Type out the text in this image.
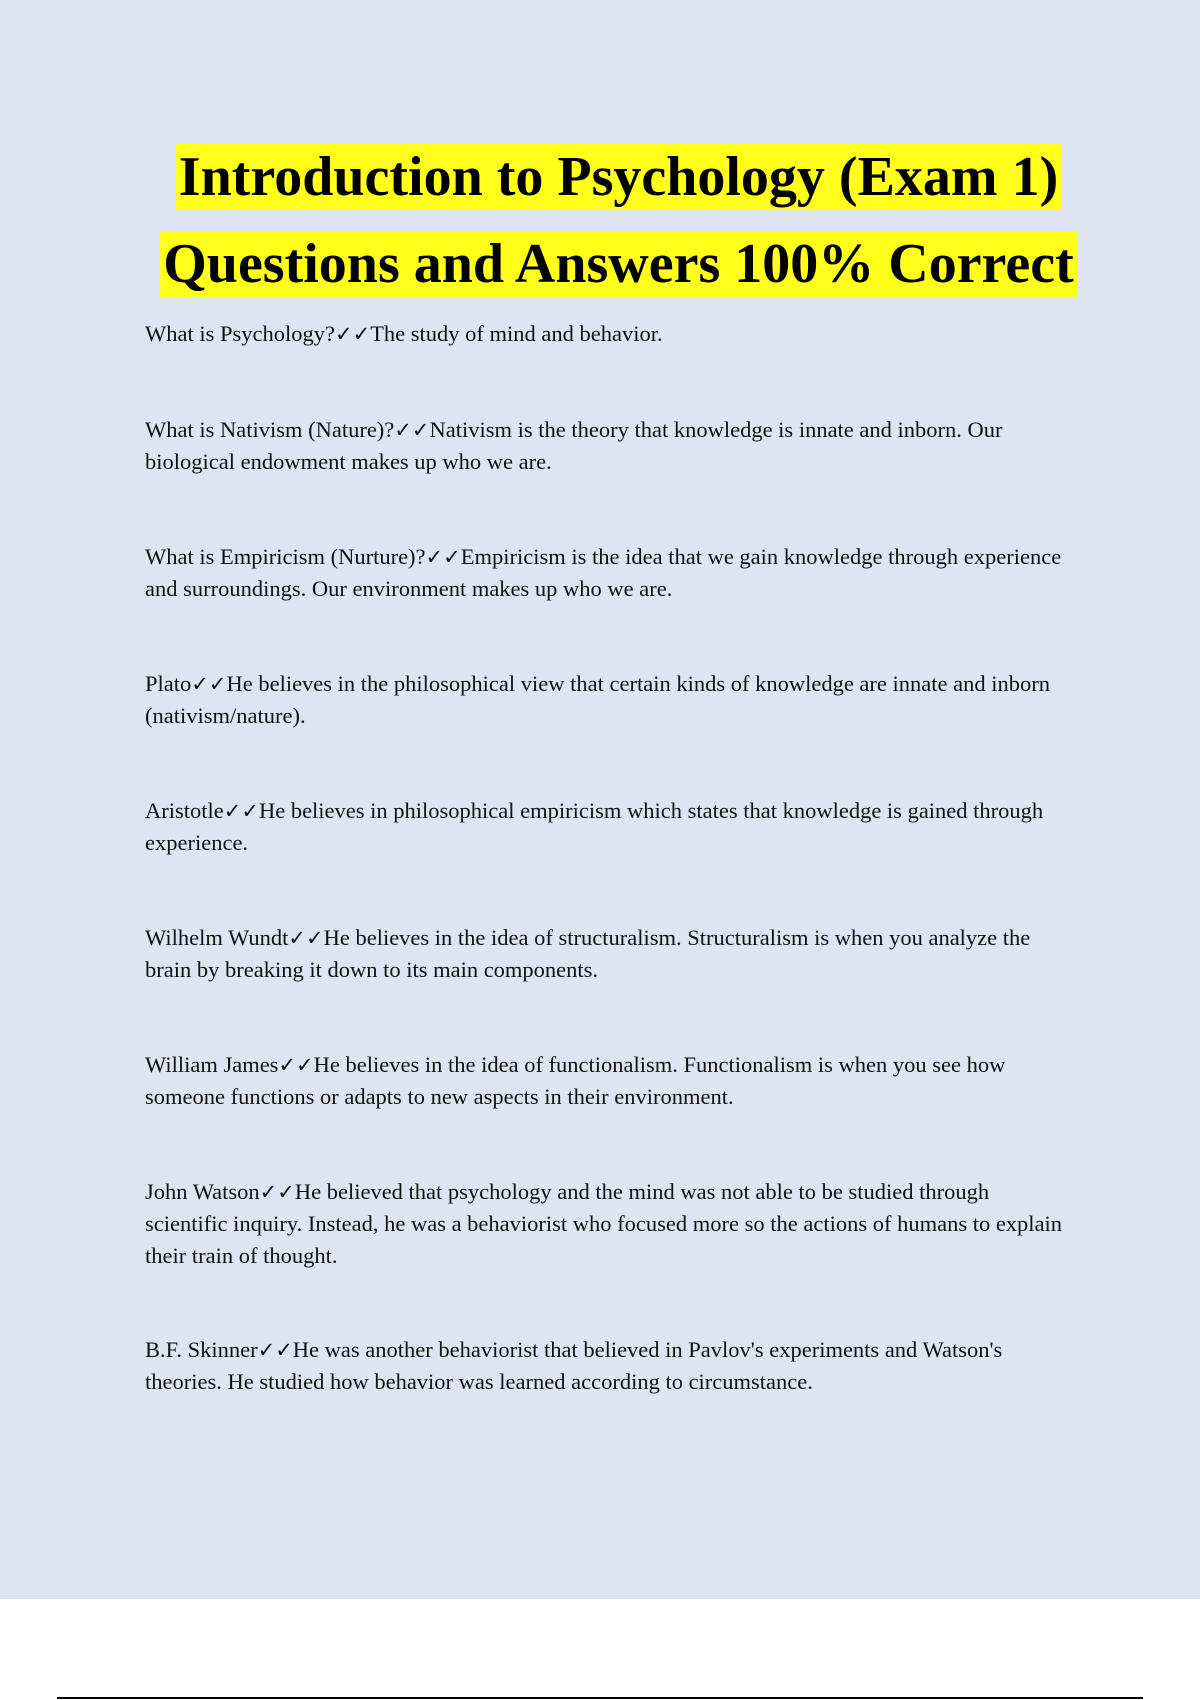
Introduction to Psychology (Exam 1)
Questions and Answers 100% Correct

What is Psychology?✓✓The study of mind and behavior.

What is Nativism (Nature)?✓✓Nativism is the theory that knowledge is innate and inborn. Our biological endowment makes up who we are.

What is Empiricism (Nurture)?✓✓Empiricism is the idea that we gain knowledge through experience and surroundings. Our environment makes up who we are.

Plato✓✓He believes in the philosophical view that certain kinds of knowledge are innate and inborn (nativism/nature).

Aristotle✓✓He believes in philosophical empiricism which states that knowledge is gained through experience.

Wilhelm Wundt✓✓He believes in the idea of structuralism. Structuralism is when you analyze the brain by breaking it down to its main components.

William James✓✓He believes in the idea of functionalism. Functionalism is when you see how someone functions or adapts to new aspects in their environment.

John Watson✓✓He believed that psychology and the mind was not able to be studied through scientific inquiry. Instead, he was a behaviorist who focused more so the actions of humans to explain their train of thought.

B.F. Skinner✓✓He was another behaviorist that believed in Pavlov's experiments and Watson's theories. He studied how behavior was learned according to circumstance.
